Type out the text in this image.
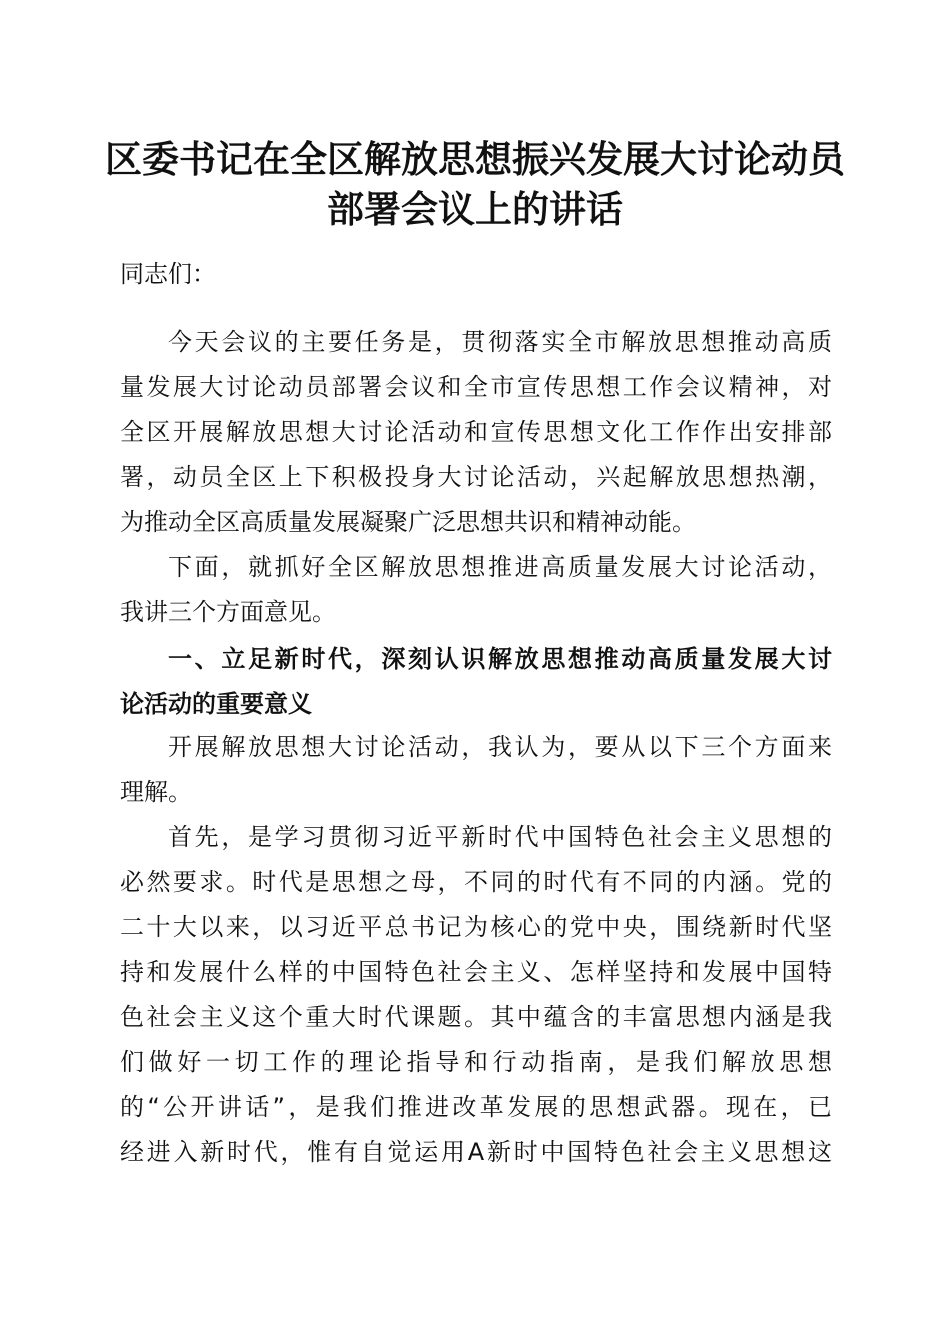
区委书记在全区解放思想振兴发展大讨论动员
部署会议上的讲话
同志们：
今天会议的主要任务是，贯彻落实全市解放思想推动高质
量发展大讨论动员部署会议和全市宣传思想工作会议精神，对
全区开展解放思想大讨论活动和宣传思想文化工作作出安排部
署，动员全区上下积极投身大讨论活动，兴起解放思想热潮，
为推动全区高质量发展凝聚广泛思想共识和精神动能。
下面，就抓好全区解放思想推进高质量发展大讨论活动，
我讲三个方面意见。
一、立足新时代，深刻认识解放思想推动高质量发展大讨
论活动的重要意义
开展解放思想大讨论活动，我认为，要从以下三个方面来
理解。
首先，是学习贯彻习近平新时代中国特色社会主义思想的
必然要求。时代是思想之母，不同的时代有不同的内涵。党的
二十大以来，以习近平总书记为核心的党中央，围绕新时代坚
持和发展什么样的中国特色社会主义、怎样坚持和发展中国特
色社会主义这个重大时代课题。其中蕴含的丰富思想内涵是我
们做好一切工作的理论指导和行动指南，是我们解放思想
的“公开讲话”，是我们推进改革发展的思想武器。现在，已
经进入新时代，惟有自觉运用A新时中国特色社会主义思想这
